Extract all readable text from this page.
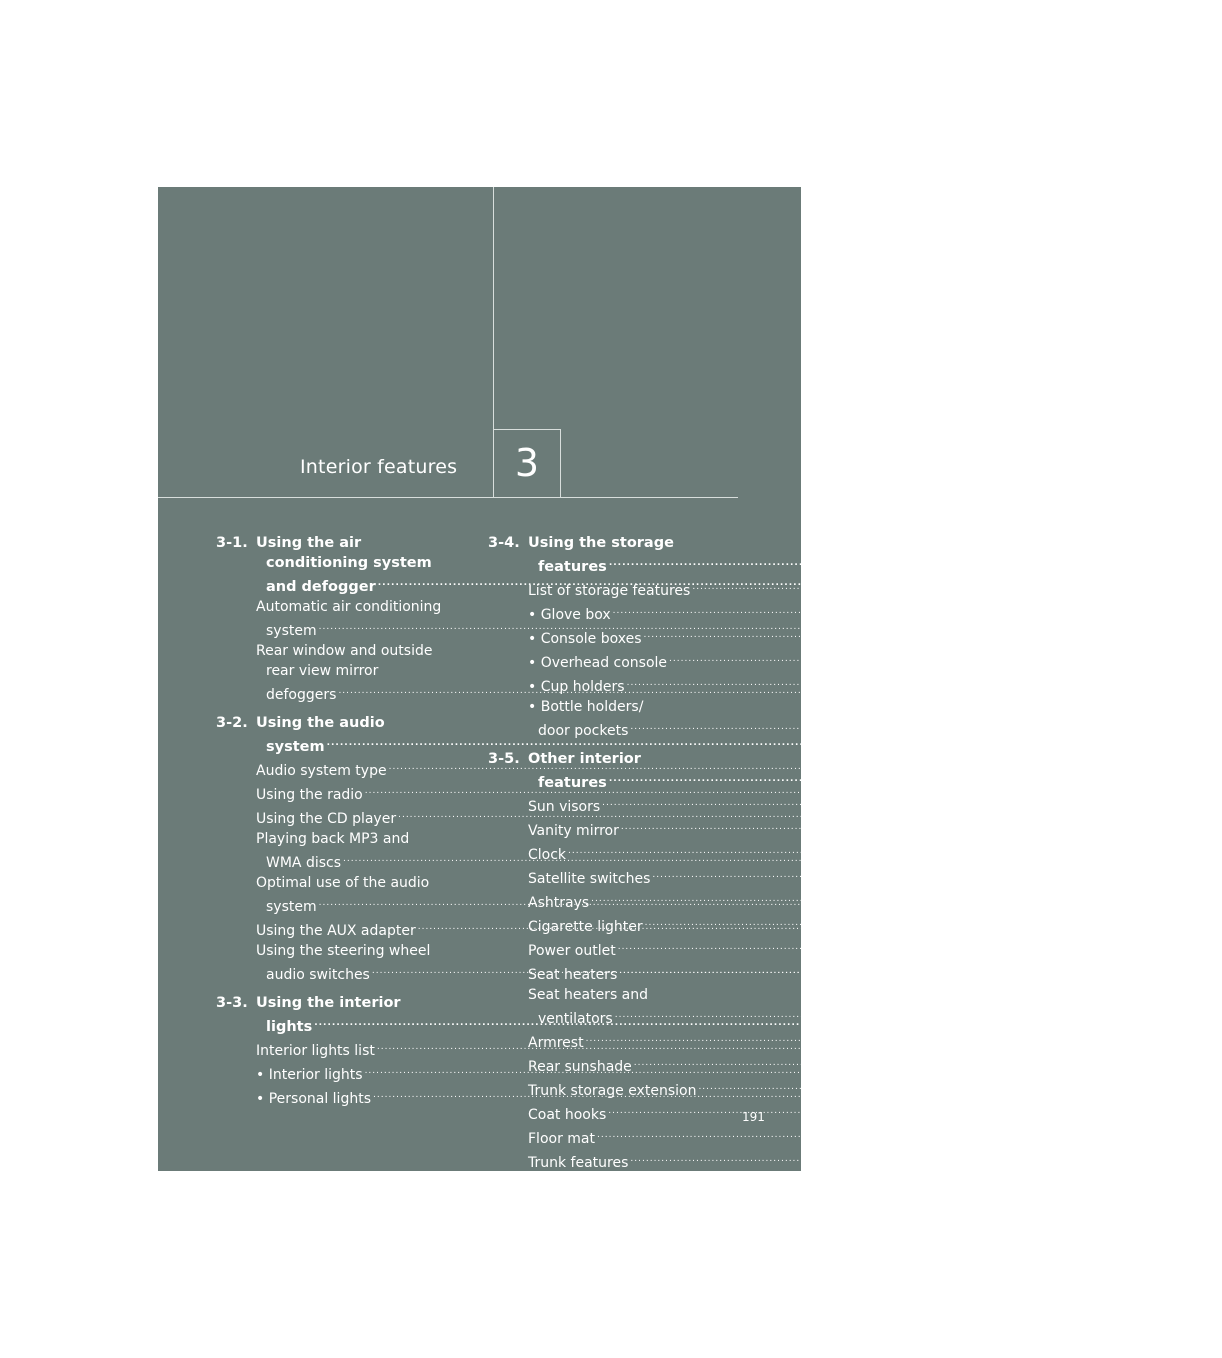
Interior features	3
3-1. Using the air
conditioning system
and defogger .....	192
Automatic air conditioning
system .....	192
Rear window and outside
rear view mirror
defoggers .....	200
3-2. Using the audio
system .....	201
Audio system type .....	201
Using the radio .....	204
Using the CD player .....	211
Playing back MP3 and
WMA discs .....	217
Optimal use of the audio
system .....	225
Using the AUX adapter .....	228
Using the steering wheel
audio switches .....	229
3-3. Using the interior
lights .....	231
Interior lights list .....	231
• Interior lights .....	234
• Personal lights .....	234
3-4. Using the storage
features .....	236
List of storage features .....	236
• Glove box .....	236
• Console boxes .....	237
• Overhead console .....	238
• Cup holders .....	239
• Bottle holders/
door pockets .....	241
3-5. Other interior
features .....	242
Sun visors .....	242
Vanity mirror .....	243
Clock .....	244
Satellite switches .....	245
Ashtrays .....	248
Cigarette lighter .....	249
Power outlet .....	250
Seat heaters .....	251
Seat heaters and
ventilators .....	253
Armrest .....	255
Rear sunshade .....	256
Trunk storage extension .....	258
Coat hooks .....	259
Floor mat .....	260
Trunk features .....	261
Garage door opener .....	264
Compass .....	269
191
